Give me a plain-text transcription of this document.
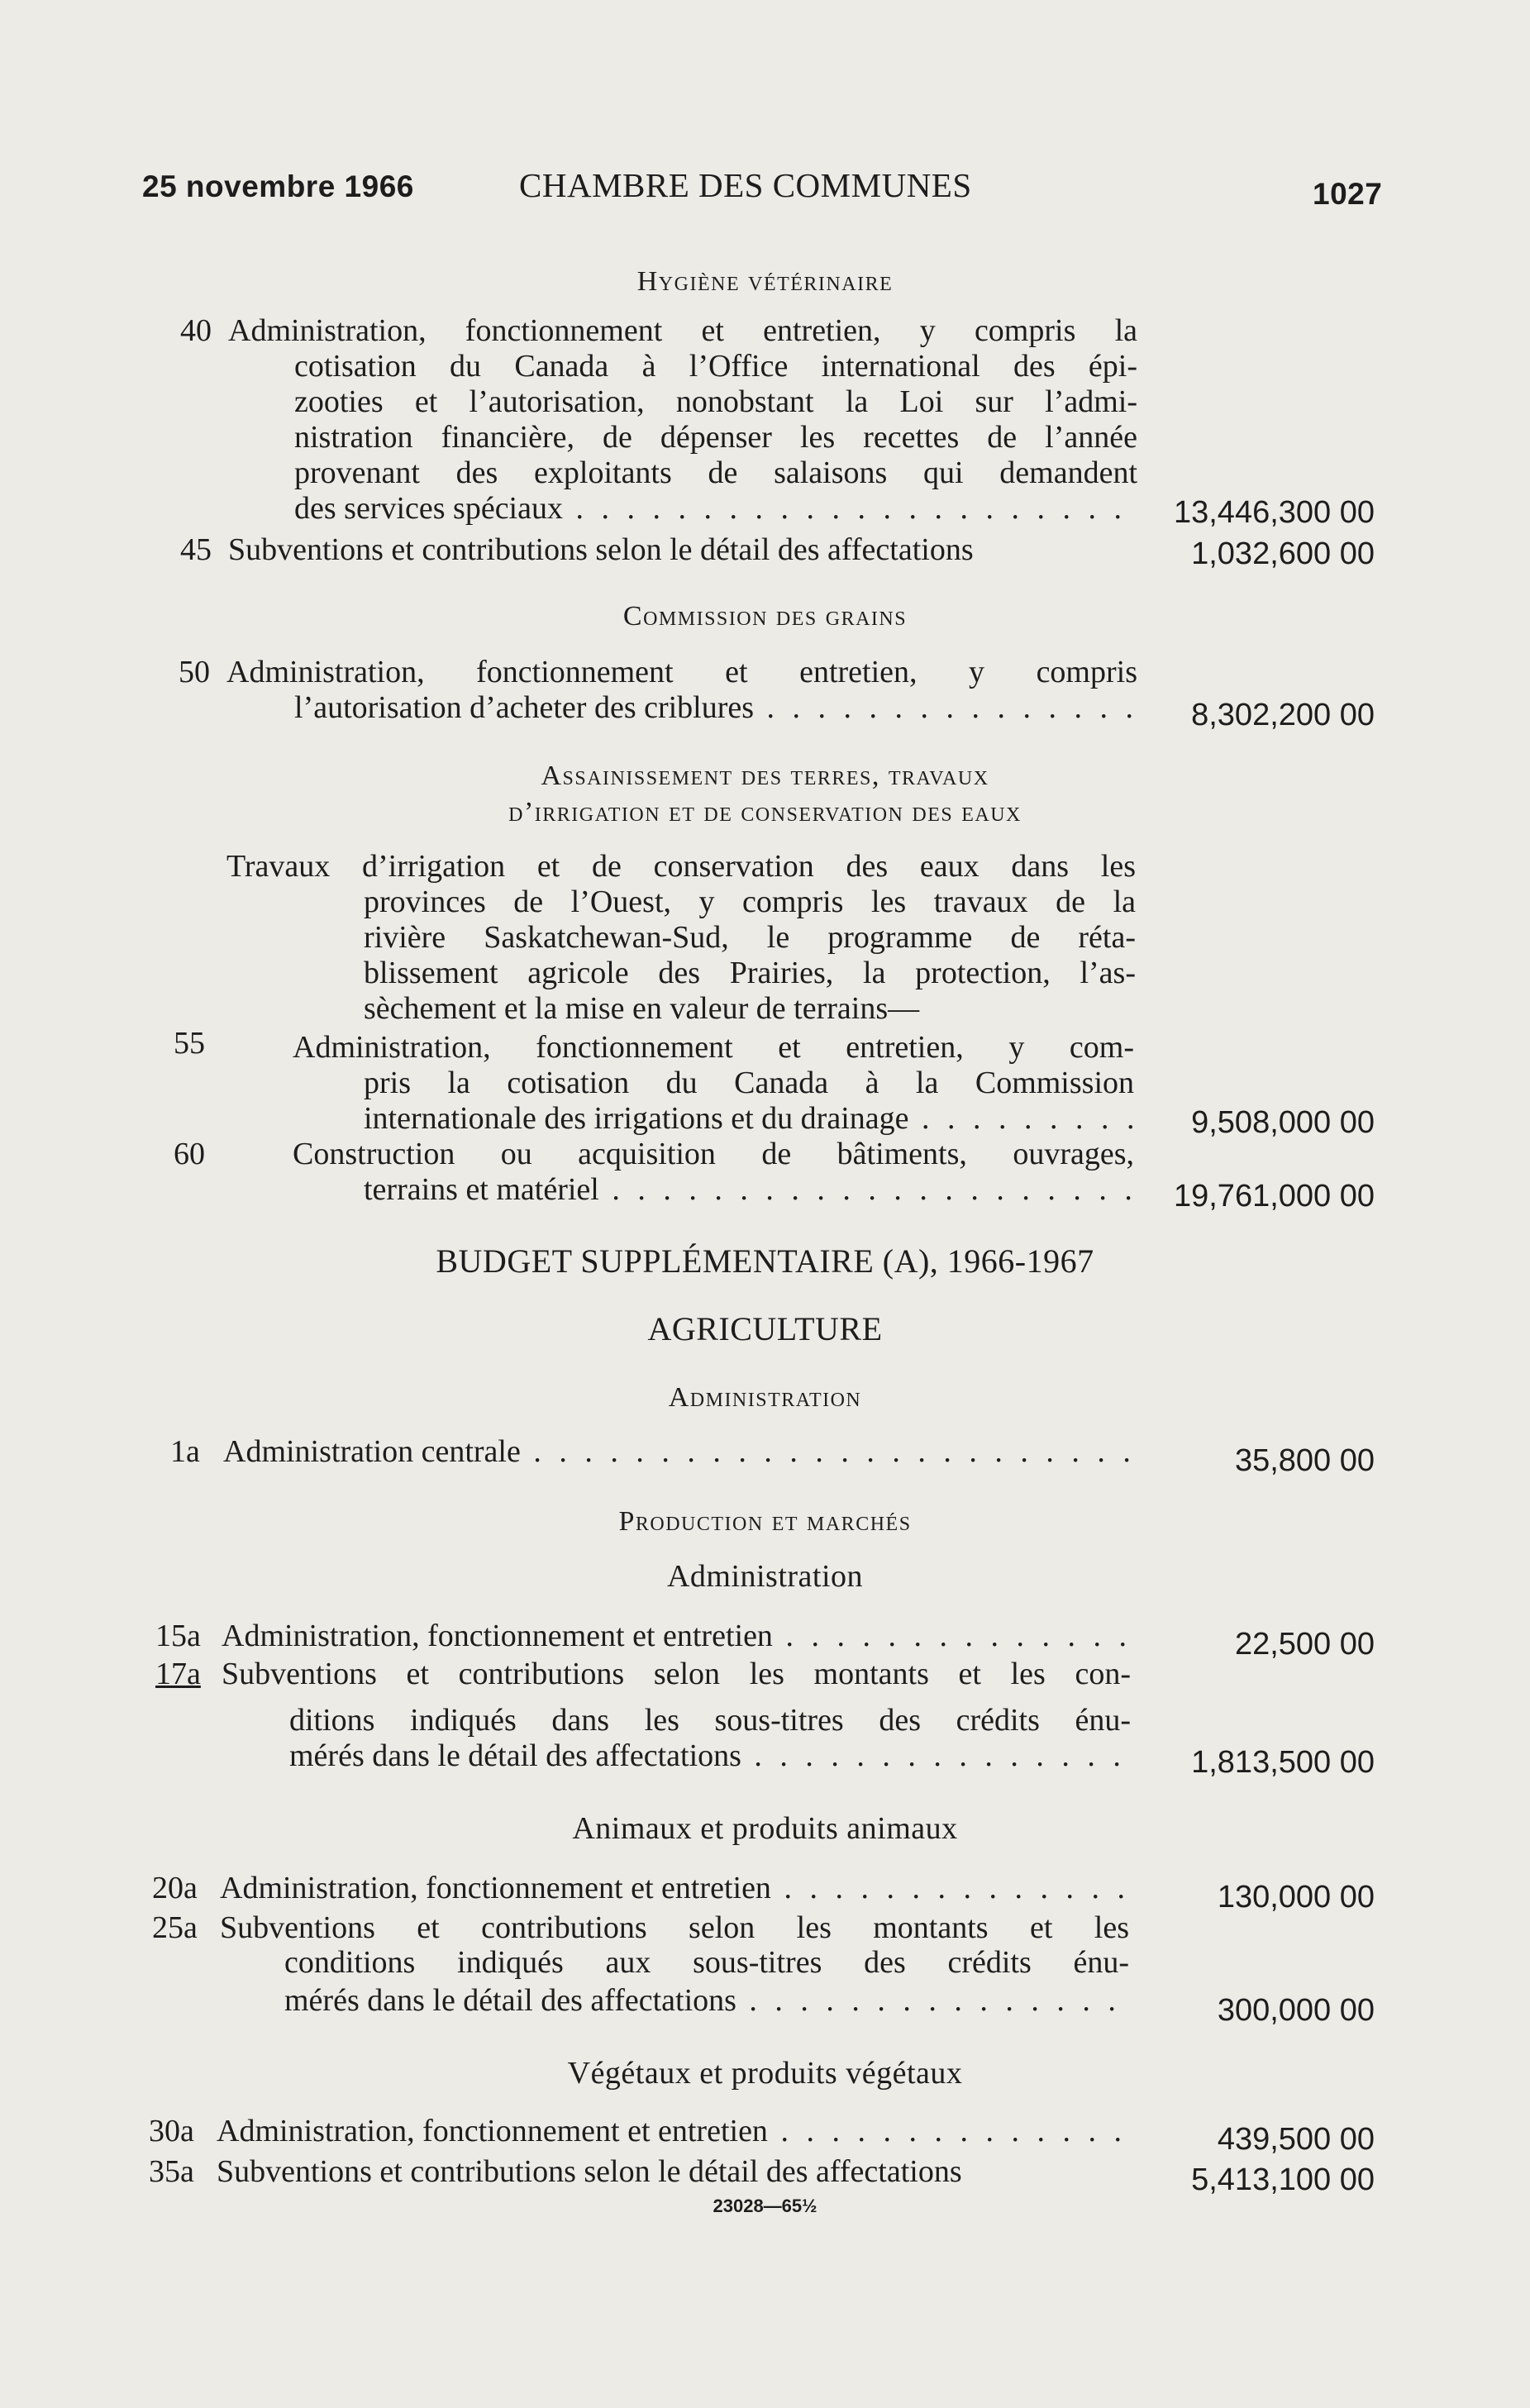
25 novembre 1966	CHAMBRE DES COMMUNES	1027
Hygiène vétérinaire
40 Administration, fonctionnement et entretien, y compris la
cotisation du Canada à l’Office international des épi-
zooties et l’autorisation, nonobstant la Loi sur l’admi-
nistration financière, de dépenser les recettes de l’année
provenant des exploitants de salaisons qui demandent
des services spéciaux . . .	13,446,300 00
45 Subventions et contributions selon le détail des affectations	1,032,600 00
Commission des grains
50 Administration, fonctionnement et entretien, y compris
l’autorisation d’acheter des criblures . . .	8,302,200 00
Assainissement des terres, travaux
d’irrigation et de conservation des eaux
Travaux d’irrigation et de conservation des eaux dans les
provinces de l’Ouest, y compris les travaux de la
rivière Saskatchewan-Sud, le programme de réta-
blissement agricole des Prairies, la protection, l’as-
sèchement et la mise en valeur de terrains—
55	Administration, fonctionnement et entretien, y com-
pris la cotisation du Canada à la Commission
internationale des irrigations et du drainage . . .	9,508,000 00
60	Construction ou acquisition de bâtiments, ouvrages,
terrains et matériel . . .	19,761,000 00
BUDGET SUPPLÉMENTAIRE (A), 1966-1967
AGRICULTURE
Administration
1a Administration centrale . . .	35,800 00
Production et marchés
Administration
15a Administration, fonctionnement et entretien . . .	22,500 00
17a Subventions et contributions selon les montants et les con-
ditions indiqués dans les sous-titres des crédits énu-
mérés dans le détail des affectations . . .	1,813,500 00
Animaux et produits animaux
20a Administration, fonctionnement et entretien . . .	130,000 00
25a Subventions et contributions selon les montants et les
conditions indiqués aux sous-titres des crédits énu-
mérés dans le détail des affectations . . .	300,000 00
Végétaux et produits végétaux
30a Administration, fonctionnement et entretien . . .	439,500 00
35a Subventions et contributions selon le détail des affectations	5,413,100 00
23028—65½
